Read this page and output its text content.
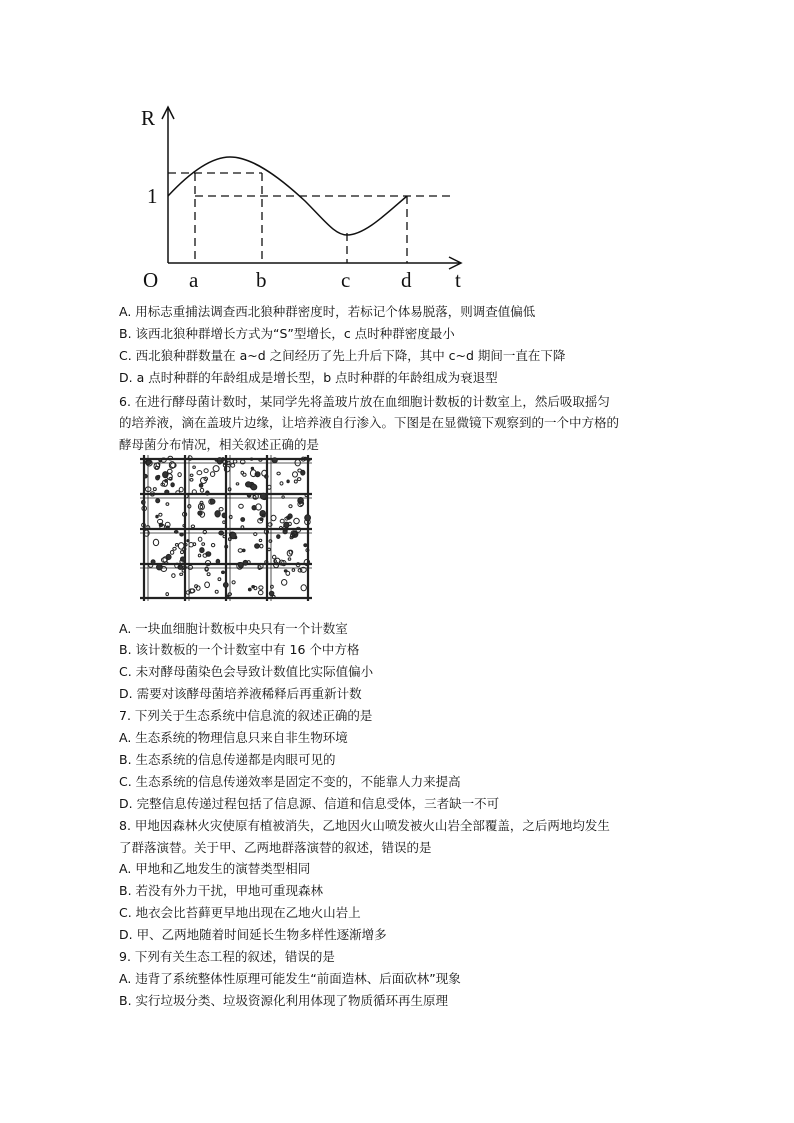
R
1
O a	b	c d t
A. 用标志重捕法调查西北狼种群密度时，若标记个体易脱落，则调查值偏低
B. 该西北狼种群增长方式为“S”型增长，c 点时种群密度最小
C. 西北狼种群数量在 a~d 之间经历了先上升后下降，其中 c~d 期间一直在下降
D. a 点时种群的年龄组成是增长型，b 点时种群的年龄组成为衰退型
6. 在进行酵母菌计数时，某同学先将盖玻片放在血细胞计数板的计数室上，然后吸取摇匀
的培养液，滴在盖玻片边缘，让培养液自行渗入。下图是在显微镜下观察到的一个中方格的
酵母菌分布情况，相关叙述正确的是
A. 一块血细胞计数板中央只有一个计数室
B. 该计数板的一个计数室中有 16 个中方格
C. 未对酵母菌染色会导致计数值比实际值偏小
D. 需要对该酵母菌培养液稀释后再重新计数
7. 下列关于生态系统中信息流的叙述正确的是
A. 生态系统的物理信息只来自非生物环境
B. 生态系统的信息传递都是肉眼可见的
C. 生态系统的信息传递效率是固定不变的，不能靠人力来提高
D. 完整信息传递过程包括了信息源、信道和信息受体，三者缺一不可
8. 甲地因森林火灾使原有植被消失，乙地因火山喷发被火山岩全部覆盖，之后两地均发生
了群落演替。关于甲、乙两地群落演替的叙述，错误的是
A. 甲地和乙地发生的演替类型相同
B. 若没有外力干扰，甲地可重现森林
C. 地衣会比苔藓更早地出现在乙地火山岩上
D. 甲、乙两地随着时间延长生物多样性逐渐增多
9. 下列有关生态工程的叙述，错误的是
A. 违背了系统整体性原理可能发生“前面造林、后面砍林”现象
B. 实行垃圾分类、垃圾资源化利用体现了物质循环再生原理
